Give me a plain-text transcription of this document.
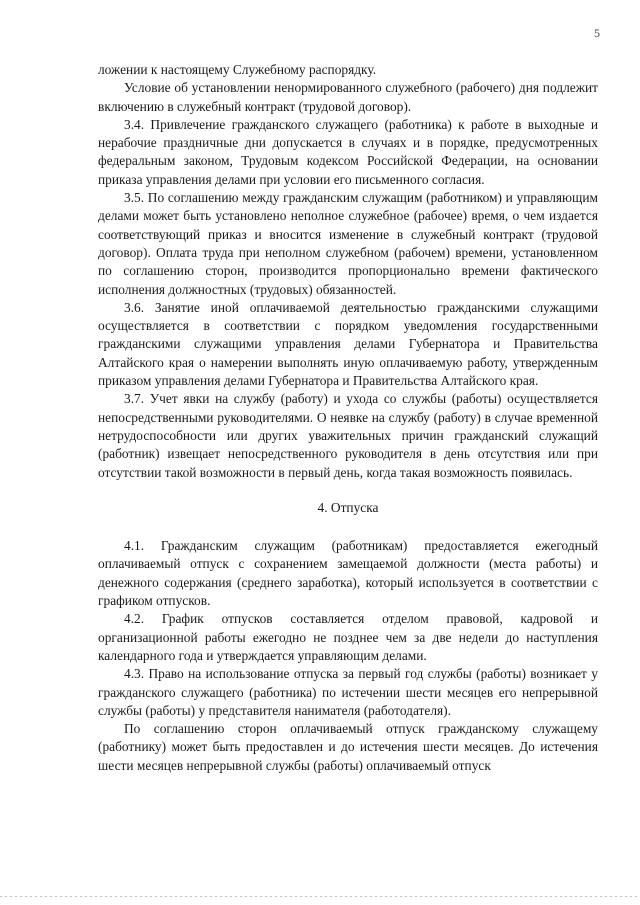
5

ложении к настоящему Служебному распорядку.

Условие об установлении ненормированного служебного (рабочего) дня подлежит включению в служебный контракт (трудовой договор).

3.4. Привлечение гражданского служащего (работника) к работе в выходные и нерабочие праздничные дни допускается в случаях и в порядке, предусмотренных федеральным законом, Трудовым кодексом Российской Федерации, на основании приказа управления делами при условии его письменного согласия.

3.5. По соглашению между гражданским служащим (работником) и управляющим делами может быть установлено неполное служебное (рабочее) время, о чем издается соответствующий приказ и вносится изменение в служебный контракт (трудовой договор). Оплата труда при неполном служебном (рабочем) времени, установленном по соглашению сторон, производится пропорционально времени фактического исполнения должностных (трудовых) обязанностей.

3.6. Занятие иной оплачиваемой деятельностью гражданскими служащими осуществляется в соответствии с порядком уведомления государственными гражданскими служащими управления делами Губернатора и Правительства Алтайского края о намерении выполнять иную оплачиваемую работу, утвержденным приказом управления делами Губернатора и Правительства Алтайского края.

3.7. Учет явки на службу (работу) и ухода со службы (работы) осуществляется непосредственными руководителями. О неявке на службу (работу) в случае временной нетрудоспособности или других уважительных причин гражданский служащий (работник) извещает непосредственного руководителя в день отсутствия или при отсутствии такой возможности в первый день, когда такая возможность появилась.

4. Отпуска

4.1. Гражданским служащим (работникам) предоставляется ежегодный оплачиваемый отпуск с сохранением замещаемой должности (места работы) и денежного содержания (среднего заработка), который используется в соответствии с графиком отпусков.

4.2. График отпусков составляется отделом правовой, кадровой и организационной работы ежегодно не позднее чем за две недели до наступления календарного года и утверждается управляющим делами.

4.3. Право на использование отпуска за первый год службы (работы) возникает у гражданского служащего (работника) по истечении шести месяцев его непрерывной службы (работы) у представителя нанимателя (работодателя).

По соглашению сторон оплачиваемый отпуск гражданскому служащему (работнику) может быть предоставлен и до истечения шести месяцев. До истечения шести месяцев непрерывной службы (работы) оплачиваемый отпуск
